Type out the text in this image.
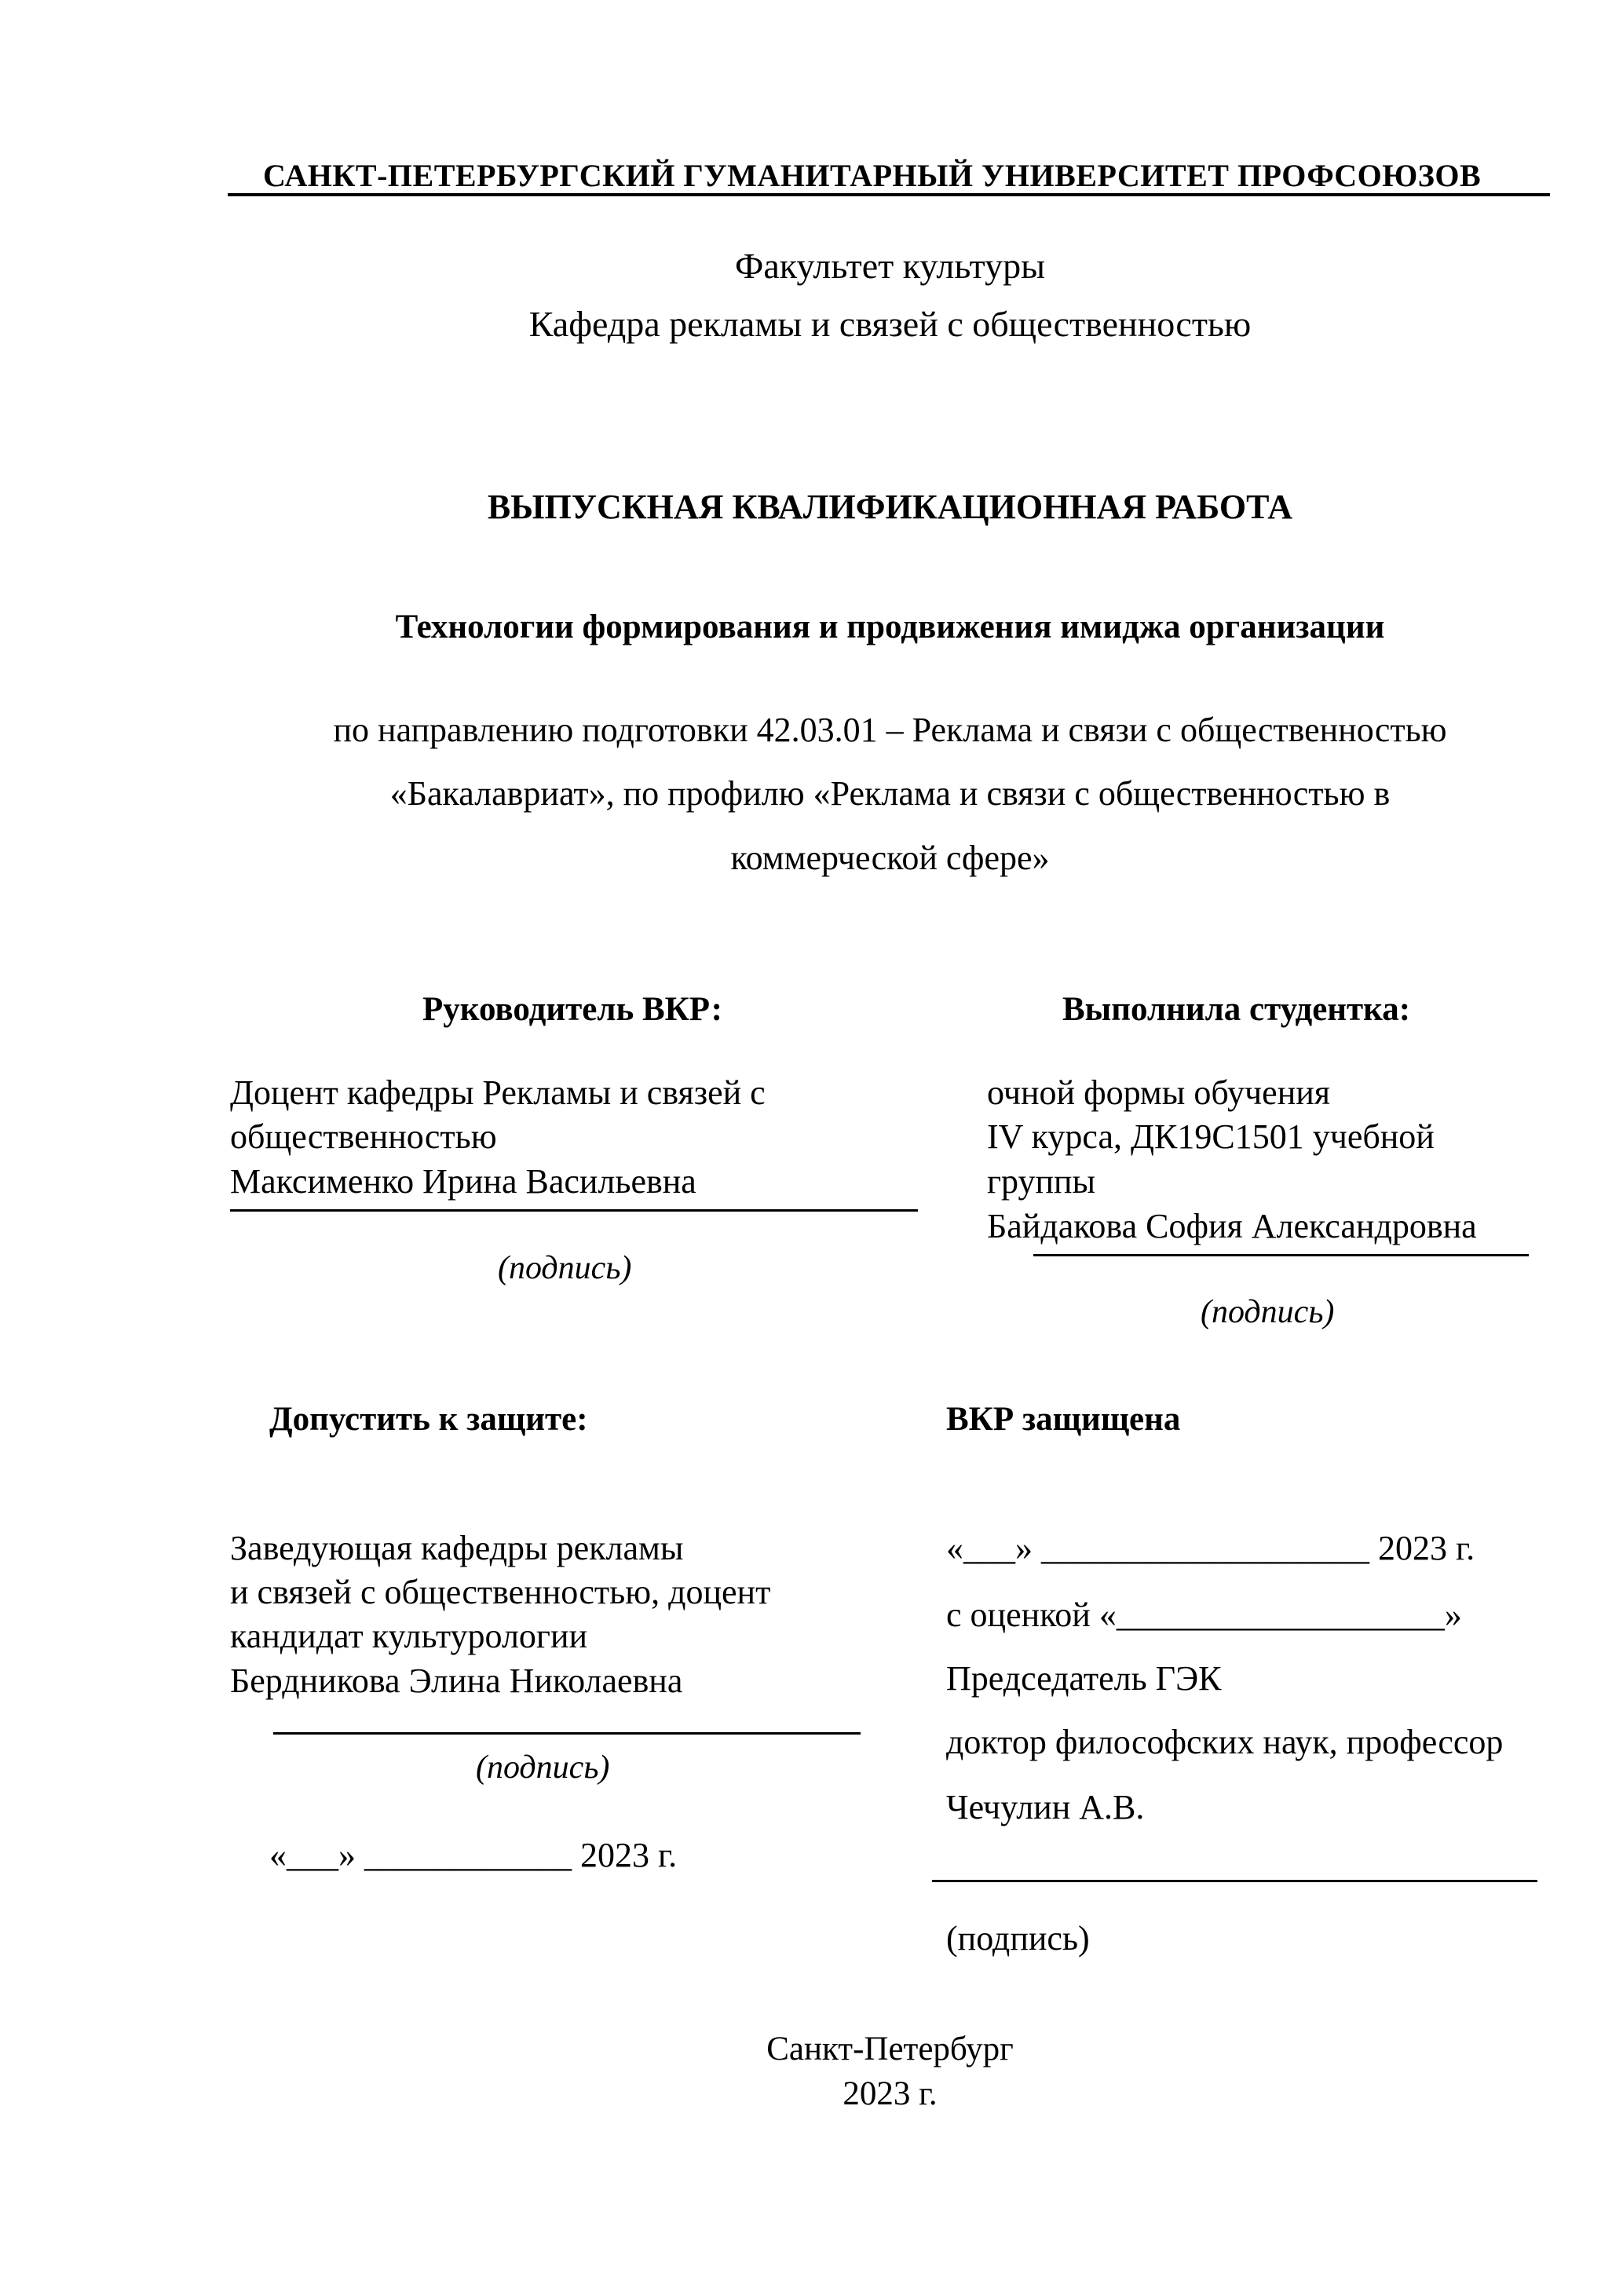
САНКТ-ПЕТЕРБУРГСКИЙ ГУМАНИТАРНЫЙ УНИВЕРСИТЕТ ПРОФСОЮЗОВ
Факультет культуры
Кафедра рекламы и связей с общественностью
ВЫПУСКНАЯ КВАЛИФИКАЦИОННАЯ РАБОТА
Технологии формирования и продвижения имиджа организации
по направлению подготовки 42.03.01 – Реклама и связи с общественностью
«Бакалавриат», по профилю «Реклама и связи с общественностью в
коммерческой сфере»
Руководитель ВКР:
Доцент кафедры Рекламы и связей с
общественностью
Максименко Ирина Васильевна
(подпись)
Выполнила студентка:
очной формы обучения
IV курса, ДК19С1501 учебной
группы
Байдакова София Александровна
(подпись)
Допустить к защите:
Заведующая кафедры рекламы
и связей с общественностью, доцент
кандидат культурологии
Бердникова Элина Николаевна
(подпись)
«___» ____________ 2023 г.
ВКР защищена
«___» ___________________ 2023 г.
с оценкой «___________________»
Председатель ГЭК
доктор философских наук, профессор
Чечулин А.В.
(подпись)
Санкт-Петербург
2023 г.
